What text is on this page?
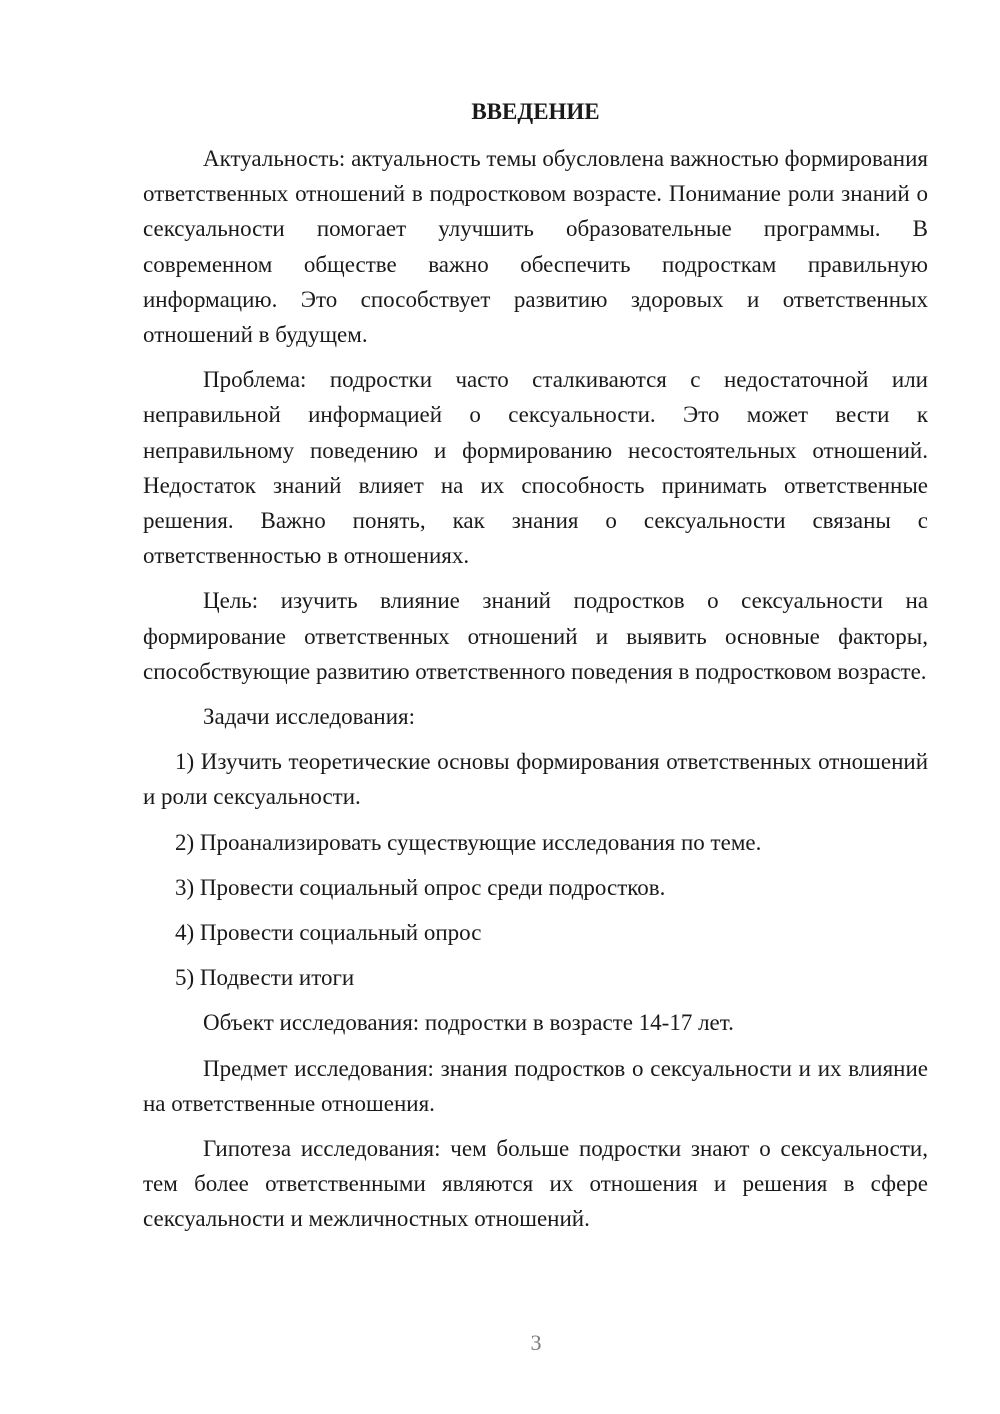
ВВЕДЕНИЕ

Актуальность: актуальность темы обусловлена важностью формирования ответственных отношений в подростковом возрасте. Понимание роли знаний о сексуальности помогает улучшить образовательные программы. В современном обществе важно обеспечить подросткам правильную информацию. Это способствует развитию здоровых и ответственных отношений в будущем.

Проблема: подростки часто сталкиваются с недостаточной или неправильной информацией о сексуальности. Это может вести к неправильному поведению и формированию несостоятельных отношений. Недостаток знаний влияет на их способность принимать ответственные решения. Важно понять, как знания о сексуальности связаны с ответственностью в отношениях.

Цель: изучить влияние знаний подростков о сексуальности на формирование ответственных отношений и выявить основные факторы, способствующие развитию ответственного поведения в подростковом возрасте.

Задачи исследования:

1) Изучить теоретические основы формирования ответственных отношений и роли сексуальности.

2) Проанализировать существующие исследования по теме.

3) Провести социальный опрос среди подростков.

4) Провести социальный опрос

5) Подвести итоги

Объект исследования: подростки в возрасте 14-17 лет.

Предмет исследования: знания подростков о сексуальности и их влияние на ответственные отношения.

Гипотеза исследования: чем больше подростки знают о сексуальности, тем более ответственными являются их отношения и решения в сфере сексуальности и межличностных отношений.

3
